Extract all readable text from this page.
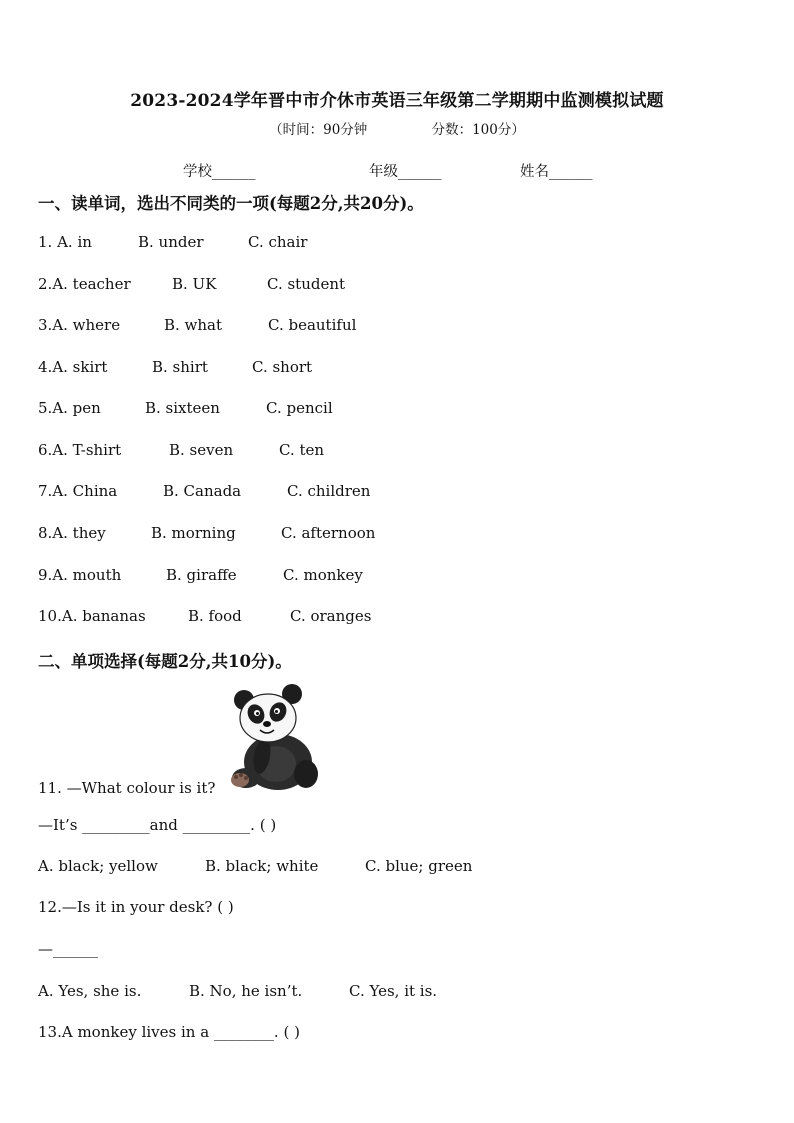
2023-2024学年晋中市介休市英语三年级第二学期期中监测模拟试题
（时间：90分钟	分数：100分）
学校______	年级______	姓名______
一、读单词，选出不同类的一项(每题2分,共20分)。
1. A. in	B. under	C. chair
2.A. teacher	B. UK	C. student
3.A. where	B. what	C. beautiful
4.A. skirt	B. shirt	C. short
5.A. pen	B. sixteen	C. pencil
6.A. T-shirt	B. seven	C. ten
7.A. China	B. Canada	C. children
8.A. they	B. morning	C. afternoon
9.A. mouth	B. giraffe	C. monkey
10.A. bananas	B. food	C. oranges
二、单项选择(每题2分,共10分)。
11. —What colour is it?
—It’s _________and _________. ( )
A. black; yellow	B. black; white	C. blue; green
12.—Is it in your desk? ( )
—______
A. Yes, she is.	B. No, he isn’t.	C. Yes, it is.
13.A monkey lives in a ________. ( )
